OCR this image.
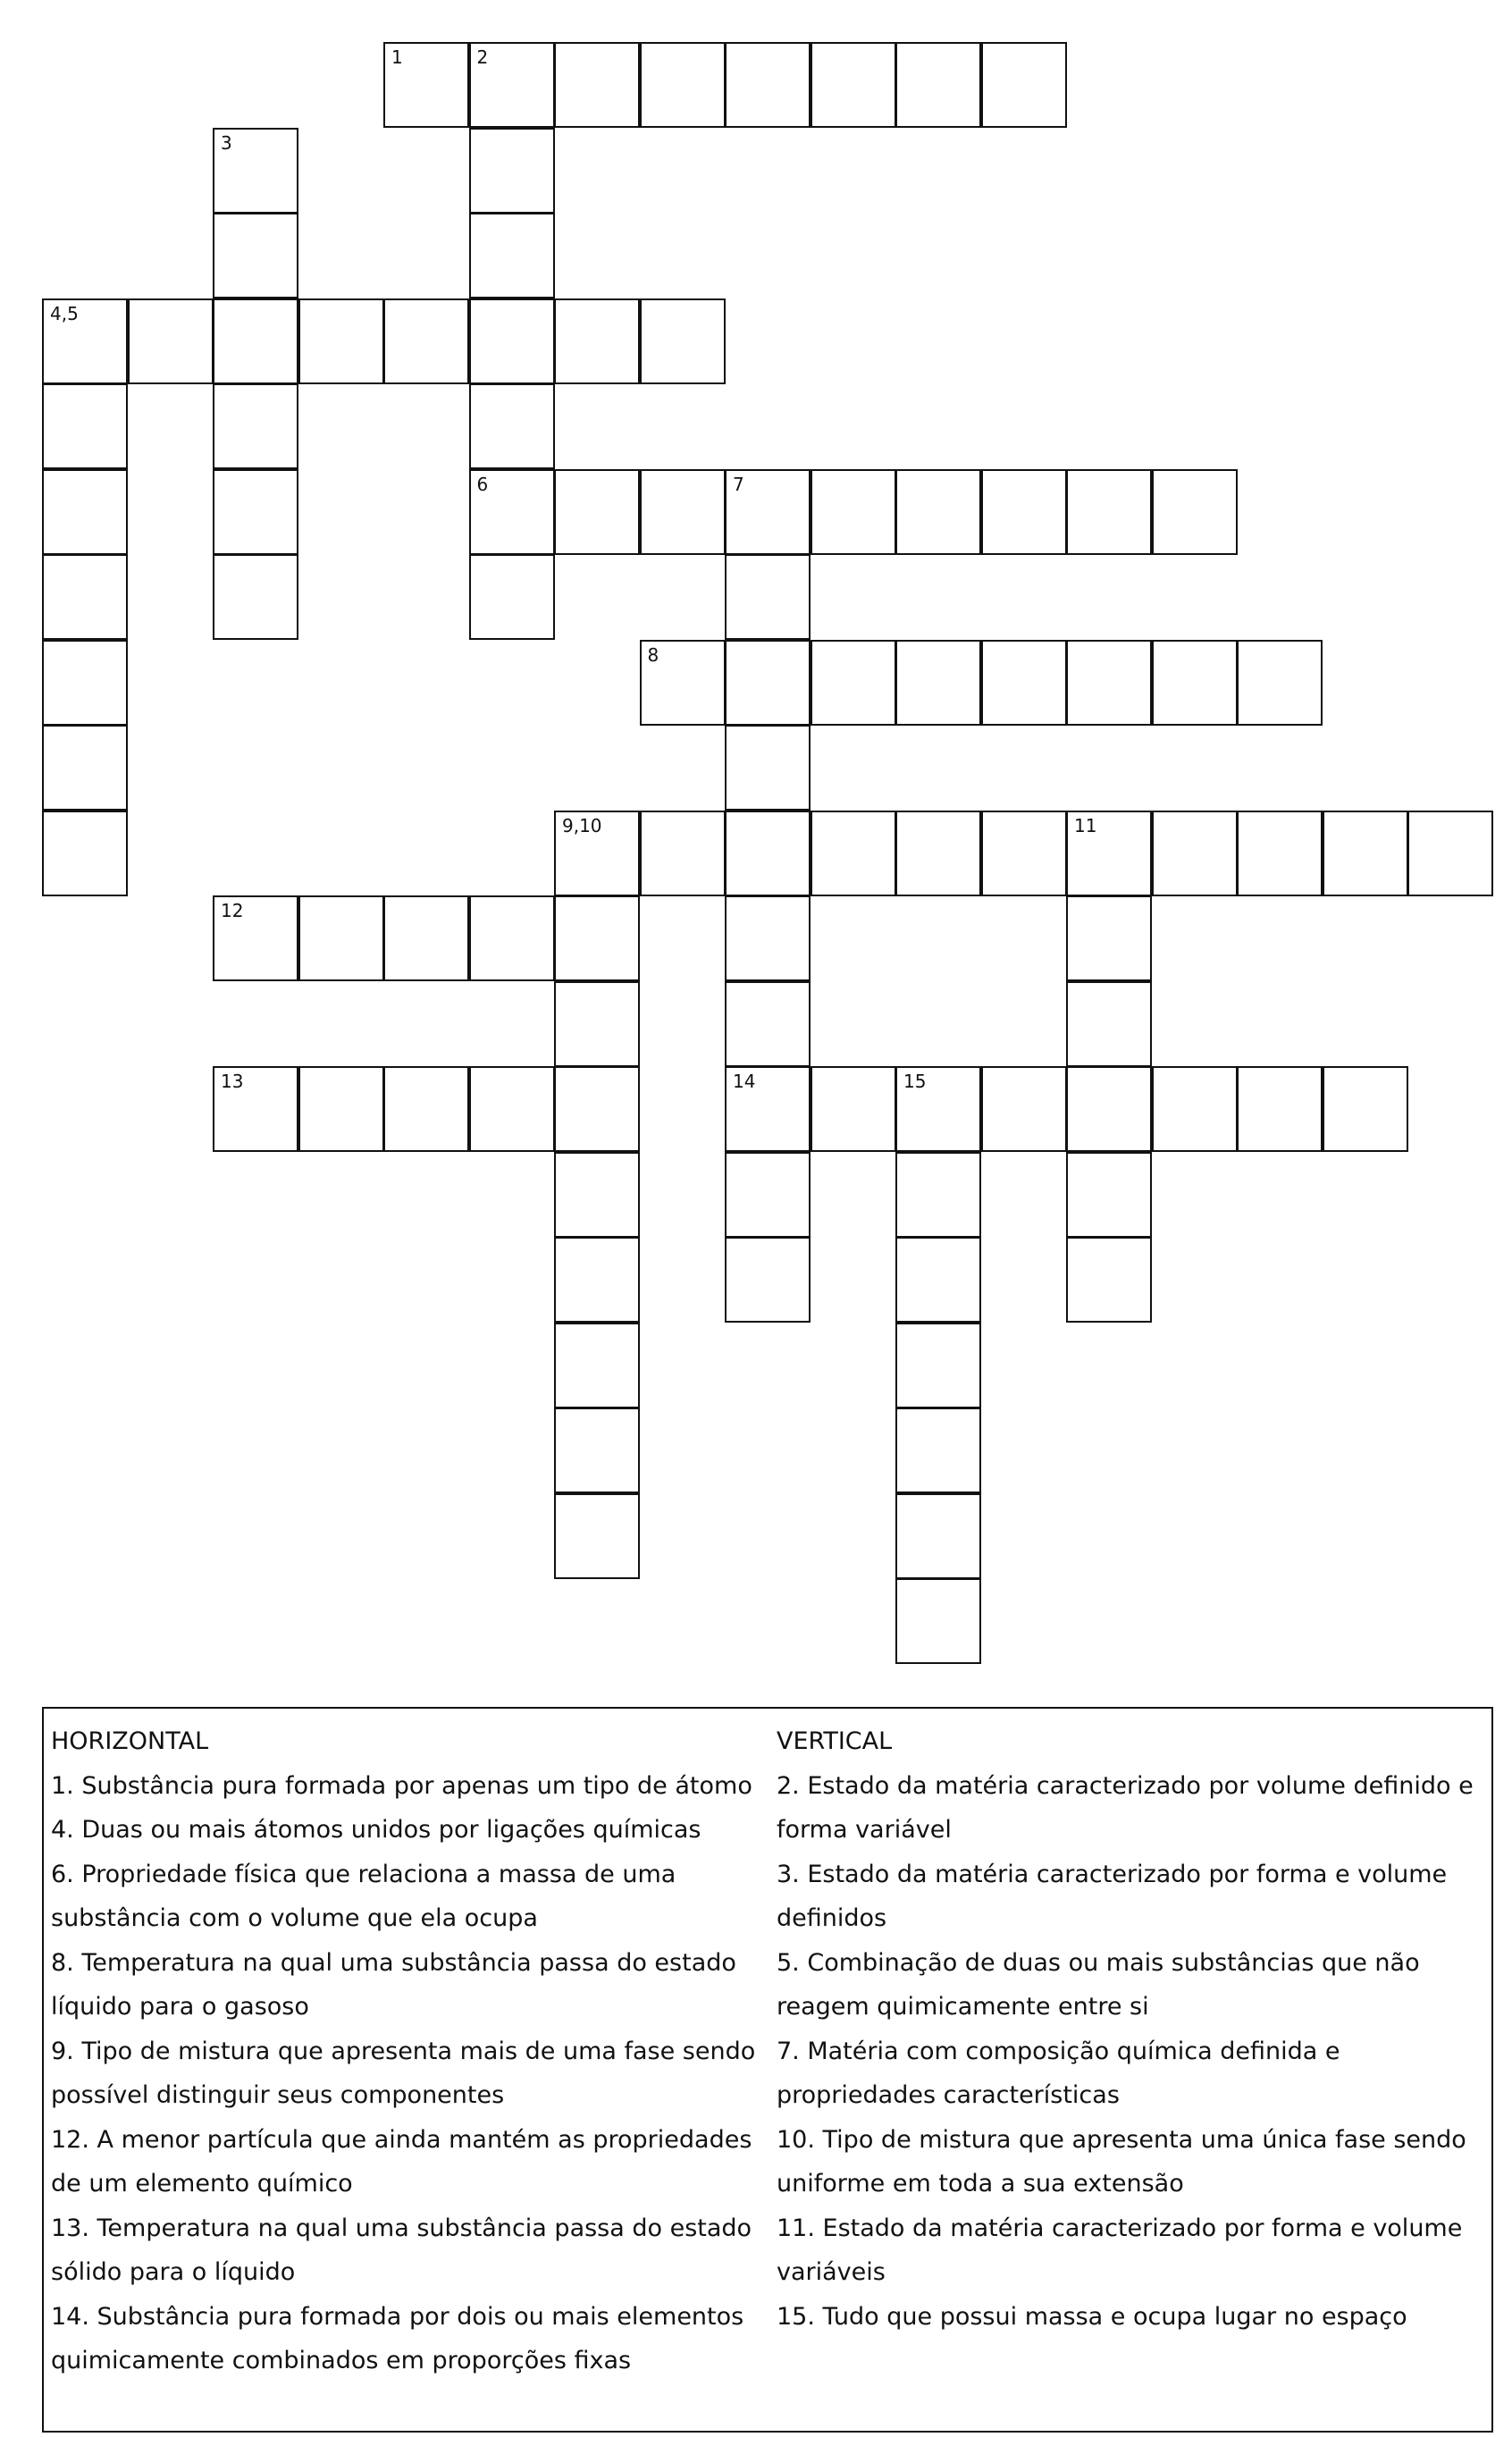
1	2
3
4,5
6	7
8
9,10	11
12
13	14	15
HORIZONTAL
1. Substância pura formada por apenas um tipo de átomo
4. Duas ou mais átomos unidos por ligações químicas
6. Propriedade física que relaciona a massa de uma
substância com o volume que ela ocupa
8. Temperatura na qual uma substância passa do estado
líquido para o gasoso
9. Tipo de mistura que apresenta mais de uma fase sendo
possível distinguir seus componentes
12. A menor partícula que ainda mantém as propriedades
de um elemento químico
13. Temperatura na qual uma substância passa do estado
sólido para o líquido
14. Substância pura formada por dois ou mais elementos
quimicamente combinados em proporções fixas
VERTICAL
2. Estado da matéria caracterizado por volume definido e
forma variável
3. Estado da matéria caracterizado por forma e volume
definidos
5. Combinação de duas ou mais substâncias que não
reagem quimicamente entre si
7. Matéria com composição química definida e
propriedades características
10. Tipo de mistura que apresenta uma única fase sendo
uniforme em toda a sua extensão
11. Estado da matéria caracterizado por forma e volume
variáveis
15. Tudo que possui massa e ocupa lugar no espaço
